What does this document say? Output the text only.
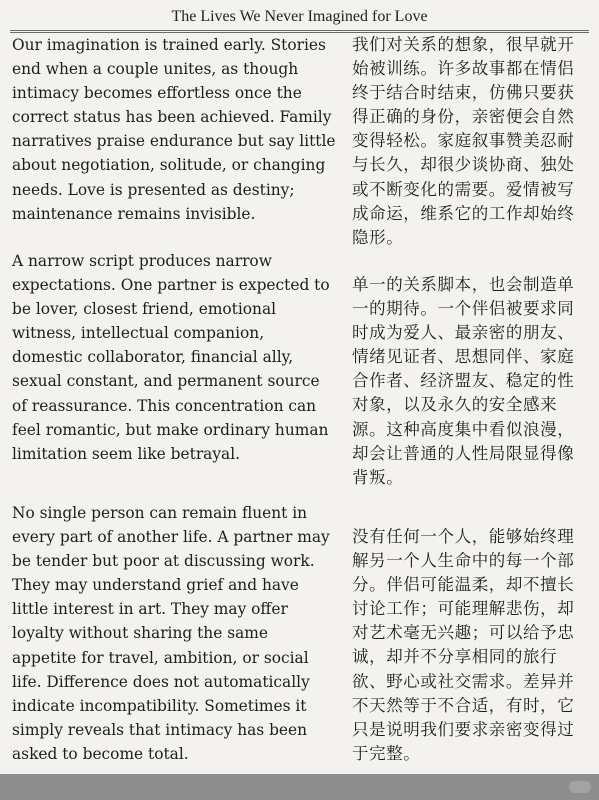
The Lives We Never Imagined for Love

Our imagination is trained early. Stories
end when a couple unites, as though
intimacy becomes effortless once the
correct status has been achieved. Family
narratives praise endurance but say little
about negotiation, solitude, or changing
needs. Love is presented as destiny;
maintenance remains invisible.

我们对关系的想象，很早就开
始被训练。许多故事都在情侣
终于结合时结束，仿佛只要获
得正确的身份，亲密便会自然
变得轻松。家庭叙事赞美忍耐
与长久，却很少谈协商、独处
或不断变化的需要。爱情被写
成命运，维系它的工作却始终
隐形。

A narrow script produces narrow
expectations. One partner is expected to
be lover, closest friend, emotional
witness, intellectual companion,
domestic collaborator, financial ally,
sexual constant, and permanent source
of reassurance. This concentration can
feel romantic, but make ordinary human
limitation seem like betrayal.

单一的关系脚本，也会制造单
一的期待。一个伴侣被要求同
时成为爱人、最亲密的朋友、
情绪见证者、思想同伴、家庭
合作者、经济盟友、稳定的性
对象，以及永久的安全感来
源。这种高度集中看似浪漫，
却会让普通的人性局限显得像
背叛。

No single person can remain fluent in
every part of another life. A partner may
be tender but poor at discussing work.
They may understand grief and have
little interest in art. They may offer
loyalty without sharing the same
appetite for travel, ambition, or social
life. Difference does not automatically
indicate incompatibility. Sometimes it
simply reveals that intimacy has been
asked to become total.

没有任何一个人，能够始终理
解另一个人生命中的每一个部
分。伴侣可能温柔，却不擅长
讨论工作；可能理解悲伤，却
对艺术毫无兴趣；可以给予忠
诚，却并不分享相同的旅行
欲、野心或社交需求。差异并
不天然等于不合适，有时，它
只是说明我们要求亲密变得过
于完整。
